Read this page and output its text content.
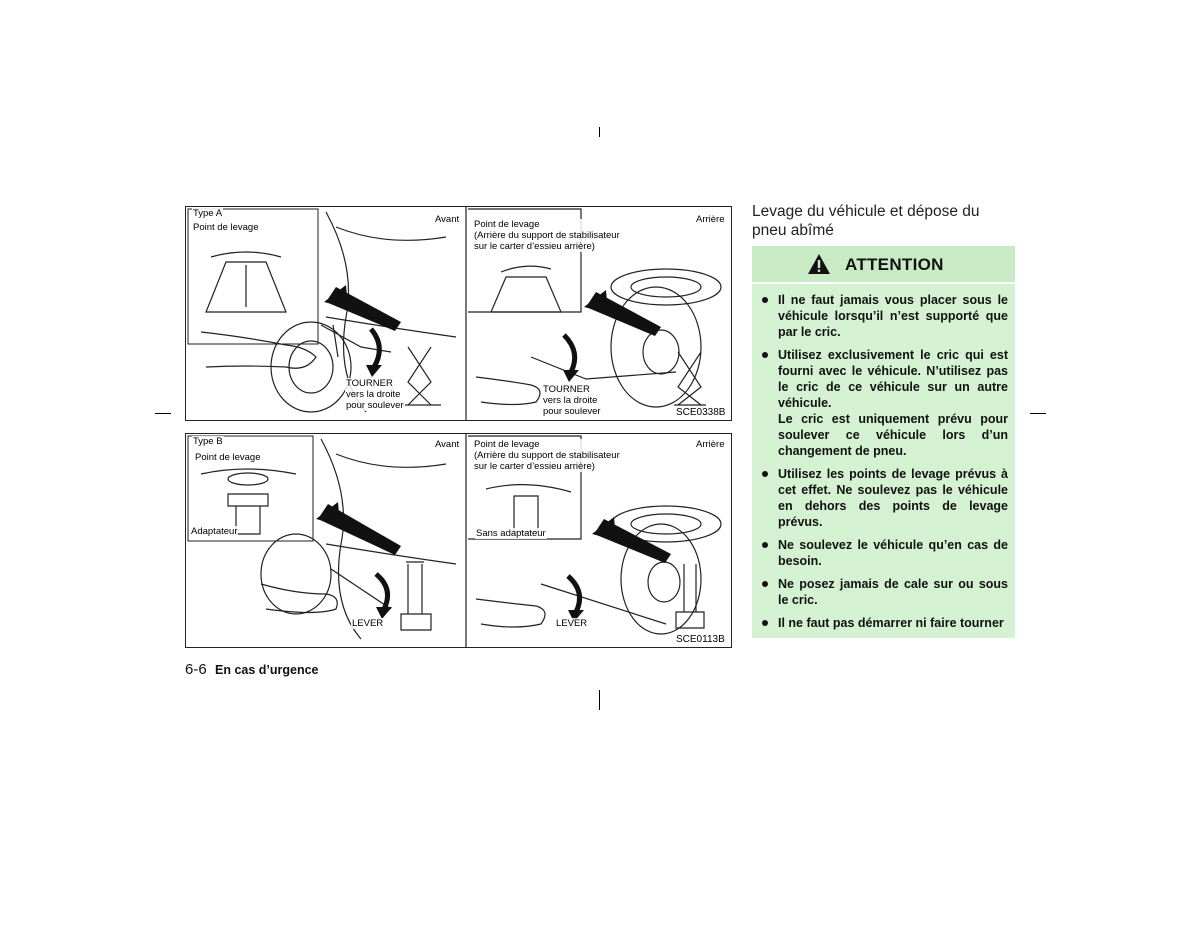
Type A
Point de levage
Avant
TOURNER
vers la droite
pour soulever
Point de levage
(Arrière du support de stabilisateur
sur le carter d’essieu arrière)
Arrière
TOURNER
vers la droite
pour soulever	SCE0338B
Type B
Point de levage
Adaptateur
Avant
LEVER
Point de levage
(Arrière du support de stabilisateur
sur le carter d’essieu arrière)
Arrière
Sans adaptateur
LEVER
SCE0113B
Levage du véhicule et dépose du pneu abîmé
ATTENTION
Il ne faut jamais vous placer sous le véhicule lorsqu’il n’est supporté que par le cric.
Utilisez exclusivement le cric qui est fourni avec le véhicule. N’utilisez pas le cric de ce véhicule sur un autre véhicule.
Le cric est uniquement prévu pour soulever ce véhicule lors d’un changement de pneu.
Utilisez les points de levage prévus à cet effet. Ne soulevez pas le véhicule en dehors des points de levage prévus.
Ne soulevez le véhicule qu’en cas de besoin.
Ne posez jamais de cale sur ou sous le cric.
Il ne faut pas démarrer ni faire tourner
6-6 En cas d’urgence
